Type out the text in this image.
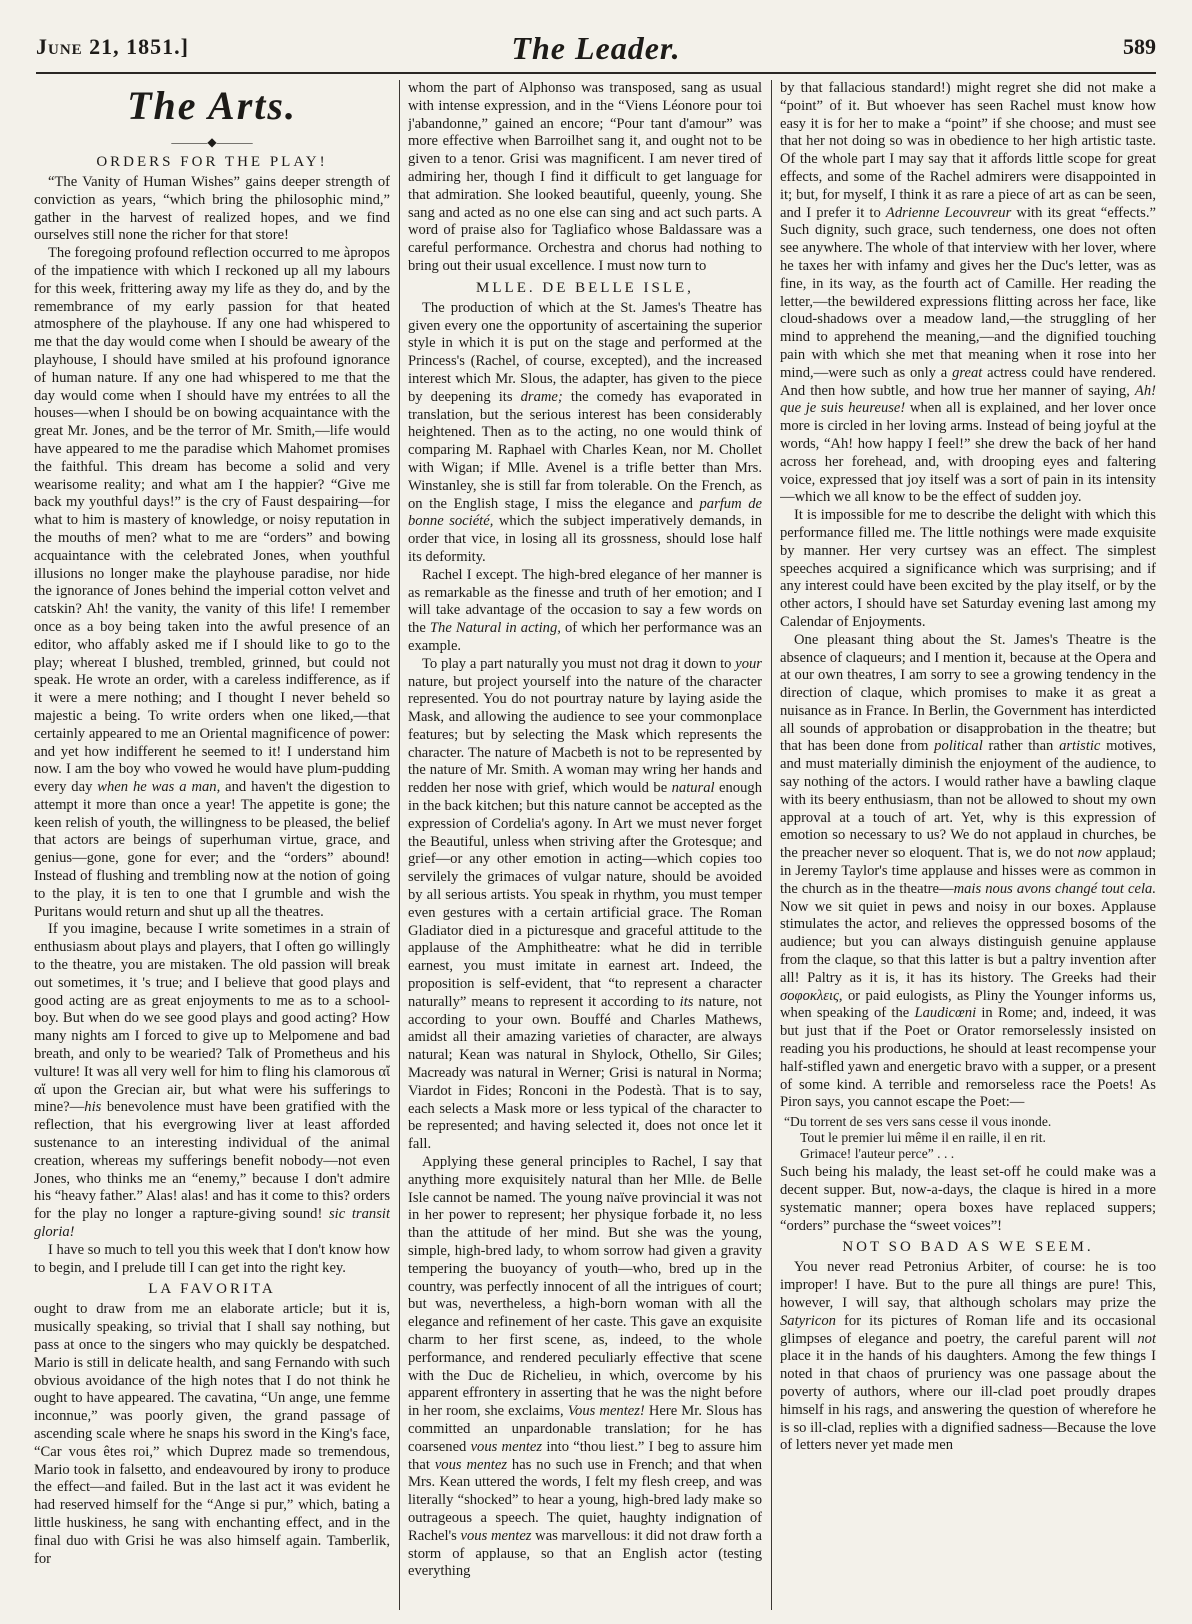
June 21, 1851.]	The Leader.	589
The Arts.
———◆———
ORDERS FOR THE PLAY!

“The Vanity of Human Wishes” gains deeper strength of conviction as years, “which bring the philosophic mind,” gather in the harvest of realized hopes, and we find ourselves still none the richer for that store!

The foregoing profound reflection occurred to me àpropos of the impatience with which I reckoned up all my labours for this week, frittering away my life as they do, and by the remembrance of my early passion for that heated atmosphere of the playhouse. If any one had whispered to me that the day would come when I should be aweary of the playhouse, I should have smiled at his profound ignorance of human nature. If any one had whispered to me that the day would come when I should have my entrées to all the houses—when I should be on bowing acquaintance with the great Mr. Jones, and be the terror of Mr. Smith,—life would have appeared to me the paradise which Mahomet promises the faithful. This dream has become a solid and very wearisome reality; and what am I the happier? “Give me back my youthful days!” is the cry of Faust despairing—for what to him is mastery of knowledge, or noisy reputation in the mouths of men? what to me are “orders” and bowing acquaintance with the celebrated Jones, when youthful illusions no longer make the playhouse paradise, nor hide the ignorance of Jones behind the imperial cotton velvet and catskin? Ah! the vanity, the vanity of this life! I remember once as a boy being taken into the awful presence of an editor, who affably asked me if I should like to go to the play; whereat I blushed, trembled, grinned, but could not speak. He wrote an order, with a careless indifference, as if it were a mere nothing; and I thought I never beheld so majestic a being. To write orders when one liked,—that certainly appeared to me an Oriental magnificence of power: and yet how indifferent he seemed to it! I understand him now. I am the boy who vowed he would have plum-pudding every day when he was a man, and haven't the digestion to attempt it more than once a year! The appetite is gone; the keen relish of youth, the willingness to be pleased, the belief that actors are beings of superhuman virtue, grace, and genius—gone, gone for ever; and the “orders” abound! Instead of flushing and trembling now at the notion of going to the play, it is ten to one that I grumble and wish the Puritans would return and shut up all the theatres.

If you imagine, because I write sometimes in a strain of enthusiasm about plays and players, that I often go willingly to the theatre, you are mistaken. The old passion will break out sometimes, it 's true; and I believe that good plays and good acting are as great enjoyments to me as to a school-boy. But when do we see good plays and good acting? How many nights am I forced to give up to Melpomene and bad breath, and only to be wearied? Talk of Prometheus and his vulture! It was all very well for him to fling his clamorous αἴ αἴ upon the Grecian air, but what were his sufferings to mine?—his benevolence must have been gratified with the reflection, that his evergrowing liver at least afforded sustenance to an interesting individual of the animal creation, whereas my sufferings benefit nobody—not even Jones, who thinks me an “enemy,” because I don't admire his “heavy father.” Alas! alas! and has it come to this? orders for the play no longer a rapture-giving sound! sic transit gloria!

I have so much to tell you this week that I don't know how to begin, and I prelude till I can get into the right key.

LA FAVORITA

ought to draw from me an elaborate article; but it is, musically speaking, so trivial that I shall say nothing, but pass at once to the singers who may quickly be despatched. Mario is still in delicate health, and sang Fernando with such obvious avoidance of the high notes that I do not think he ought to have appeared. The cavatina, “Un ange, une femme inconnue,” was poorly given, the grand passage of ascending scale where he snaps his sword in the King's face, “Car vous êtes roi,” which Duprez made so tremendous, Mario took in falsetto, and endeavoured by irony to produce the effect—and failed. But in the last act it was evident he had reserved himself for the “Ange si pur,” which, bating a little huskiness, he sang with enchanting effect, and in the final duo with Grisi he was also himself again. Tamberlik, for

whom the part of Alphonso was transposed, sang as usual with intense expression, and in the “Viens Léonore pour toi j'abandonne,” gained an encore; “Pour tant d'amour” was more effective when Barroilhet sang it, and ought not to be given to a tenor. Grisi was magnificent. I am never tired of admiring her, though I find it difficult to get language for that admiration. She looked beautiful, queenly, young. She sang and acted as no one else can sing and act such parts. A word of praise also for Tagliafico whose Baldassare was a careful performance. Orchestra and chorus had nothing to bring out their usual excellence. I must now turn to

MLLE. DE BELLE ISLE,

The production of which at the St. James's Theatre has given every one the opportunity of ascertaining the superior style in which it is put on the stage and performed at the Princess's (Rachel, of course, excepted), and the increased interest which Mr. Slous, the adapter, has given to the piece by deepening its drame; the comedy has evaporated in translation, but the serious interest has been considerably heightened. Then as to the acting, no one would think of comparing M. Raphael with Charles Kean, nor M. Chollet with Wigan; if Mlle. Avenel is a trifle better than Mrs. Winstanley, she is still far from tolerable. On the French, as on the English stage, I miss the elegance and parfum de bonne société, which the subject imperatively demands, in order that vice, in losing all its grossness, should lose half its deformity.

Rachel I except. The high-bred elegance of her manner is as remarkable as the finesse and truth of her emotion; and I will take advantage of the occasion to say a few words on the The Natural in acting, of which her performance was an example.

To play a part naturally you must not drag it down to your nature, but project yourself into the nature of the character represented. You do not pourtray nature by laying aside the Mask, and allowing the audience to see your commonplace features; but by selecting the Mask which represents the character. The nature of Macbeth is not to be represented by the nature of Mr. Smith. A woman may wring her hands and redden her nose with grief, which would be natural enough in the back kitchen; but this nature cannot be accepted as the expression of Cordelia's agony. In Art we must never forget the Beautiful, unless when striving after the Grotesque; and grief—or any other emotion in acting—which copies too servilely the grimaces of vulgar nature, should be avoided by all serious artists. You speak in rhythm, you must temper even gestures with a certain artificial grace. The Roman Gladiator died in a picturesque and graceful attitude to the applause of the Amphitheatre: what he did in terrible earnest, you must imitate in earnest art. Indeed, the proposition is self-evident, that “to represent a character naturally” means to represent it according to its nature, not according to your own. Bouffé and Charles Mathews, amidst all their amazing varieties of character, are always natural; Kean was natural in Shylock, Othello, Sir Giles; Macready was natural in Werner; Grisi is natural in Norma; Viardot in Fides; Ronconi in the Podestà. That is to say, each selects a Mask more or less typical of the character to be represented; and having selected it, does not once let it fall.

Applying these general principles to Rachel, I say that anything more exquisitely natural than her Mlle. de Belle Isle cannot be named. The young naïve provincial it was not in her power to represent; her physique forbade it, no less than the attitude of her mind. But she was the young, simple, high-bred lady, to whom sorrow had given a gravity tempering the buoyancy of youth—who, bred up in the country, was perfectly innocent of all the intrigues of court; but was, nevertheless, a high-born woman with all the elegance and refinement of her caste. This gave an exquisite charm to her first scene, as, indeed, to the whole performance, and rendered peculiarly effective that scene with the Duc de Richelieu, in which, overcome by his apparent effrontery in asserting that he was the night before in her room, she exclaims, Vous mentez! Here Mr. Slous has committed an unpardonable translation; for he has coarsened vous mentez into “thou liest.” I beg to assure him that vous mentez has no such use in French; and that when Mrs. Kean uttered the words, I felt my flesh creep, and was literally “shocked” to hear a young, high-bred lady make so outrageous a speech. The quiet, haughty indignation of Rachel's vous mentez was marvellous: it did not draw forth a storm of applause, so that an English actor (testing everything

by that fallacious standard!) might regret she did not make a “point” of it. But whoever has seen Rachel must know how easy it is for her to make a “point” if she choose; and must see that her not doing so was in obedience to her high artistic taste. Of the whole part I may say that it affords little scope for great effects, and some of the Rachel admirers were disappointed in it; but, for myself, I think it as rare a piece of art as can be seen, and I prefer it to Adrienne Lecouvreur with its great “effects.” Such dignity, such grace, such tenderness, one does not often see anywhere. The whole of that interview with her lover, where he taxes her with infamy and gives her the Duc's letter, was as fine, in its way, as the fourth act of Camille. Her reading the letter,—the bewildered expressions flitting across her face, like cloud-shadows over a meadow land,—the struggling of her mind to apprehend the meaning,—and the dignified touching pain with which she met that meaning when it rose into her mind,—were such as only a great actress could have rendered. And then how subtle, and how true her manner of saying, Ah! que je suis heureuse! when all is explained, and her lover once more is circled in her loving arms. Instead of being joyful at the words, “Ah! how happy I feel!” she drew the back of her hand across her forehead, and, with drooping eyes and faltering voice, expressed that joy itself was a sort of pain in its intensity—which we all know to be the effect of sudden joy.

It is impossible for me to describe the delight with which this performance filled me. The little nothings were made exquisite by manner. Her very curtsey was an effect. The simplest speeches acquired a significance which was surprising; and if any interest could have been excited by the play itself, or by the other actors, I should have set Saturday evening last among my Calendar of Enjoyments.

One pleasant thing about the St. James's Theatre is the absence of claqueurs; and I mention it, because at the Opera and at our own theatres, I am sorry to see a growing tendency in the direction of claque, which promises to make it as great a nuisance as in France. In Berlin, the Government has interdicted all sounds of approbation or disapprobation in the theatre; but that has been done from political rather than artistic motives, and must materially diminish the enjoyment of the audience, to say nothing of the actors. I would rather have a bawling claque with its beery enthusiasm, than not be allowed to shout my own approval at a touch of art. Yet, why is this expression of emotion so necessary to us? We do not applaud in churches, be the preacher never so eloquent. That is, we do not now applaud; in Jeremy Taylor's time applause and hisses were as common in the church as in the theatre—mais nous avons changé tout cela. Now we sit quiet in pews and noisy in our boxes. Applause stimulates the actor, and relieves the oppressed bosoms of the audience; but you can always distinguish genuine applause from the claque, so that this latter is but a paltry invention after all! Paltry as it is, it has its history. The Greeks had their σοφοκλεις, or paid eulogists, as Pliny the Younger informs us, when speaking of the Laudicœni in Rome; and, indeed, it was but just that if the Poet or Orator remorselessly insisted on reading you his productions, he should at least recompense your half-stifled yawn and energetic bravo with a supper, or a present of some kind. A terrible and remorseless race the Poets! As Piron says, you cannot escape the Poet:—

“Du torrent de ses vers sans cesse il vous inonde.
Tout le premier lui même il en raille, il en rit.
Grimace! l'auteur perce” . . .

Such being his malady, the least set-off he could make was a decent supper. But, now-a-days, the claque is hired in a more systematic manner; opera boxes have replaced suppers; “orders” purchase the “sweet voices”!

NOT SO BAD AS WE SEEM.

You never read Petronius Arbiter, of course: he is too improper! I have. But to the pure all things are pure! This, however, I will say, that although scholars may prize the Satyricon for its pictures of Roman life and its occasional glimpses of elegance and poetry, the careful parent will not place it in the hands of his daughters. Among the few things I noted in that chaos of pruriency was one passage about the poverty of authors, where our ill-clad poet proudly drapes himself in his rags, and answering the question of wherefore he is so ill-clad, replies with a dignified sadness—Because the love of letters never yet made men
